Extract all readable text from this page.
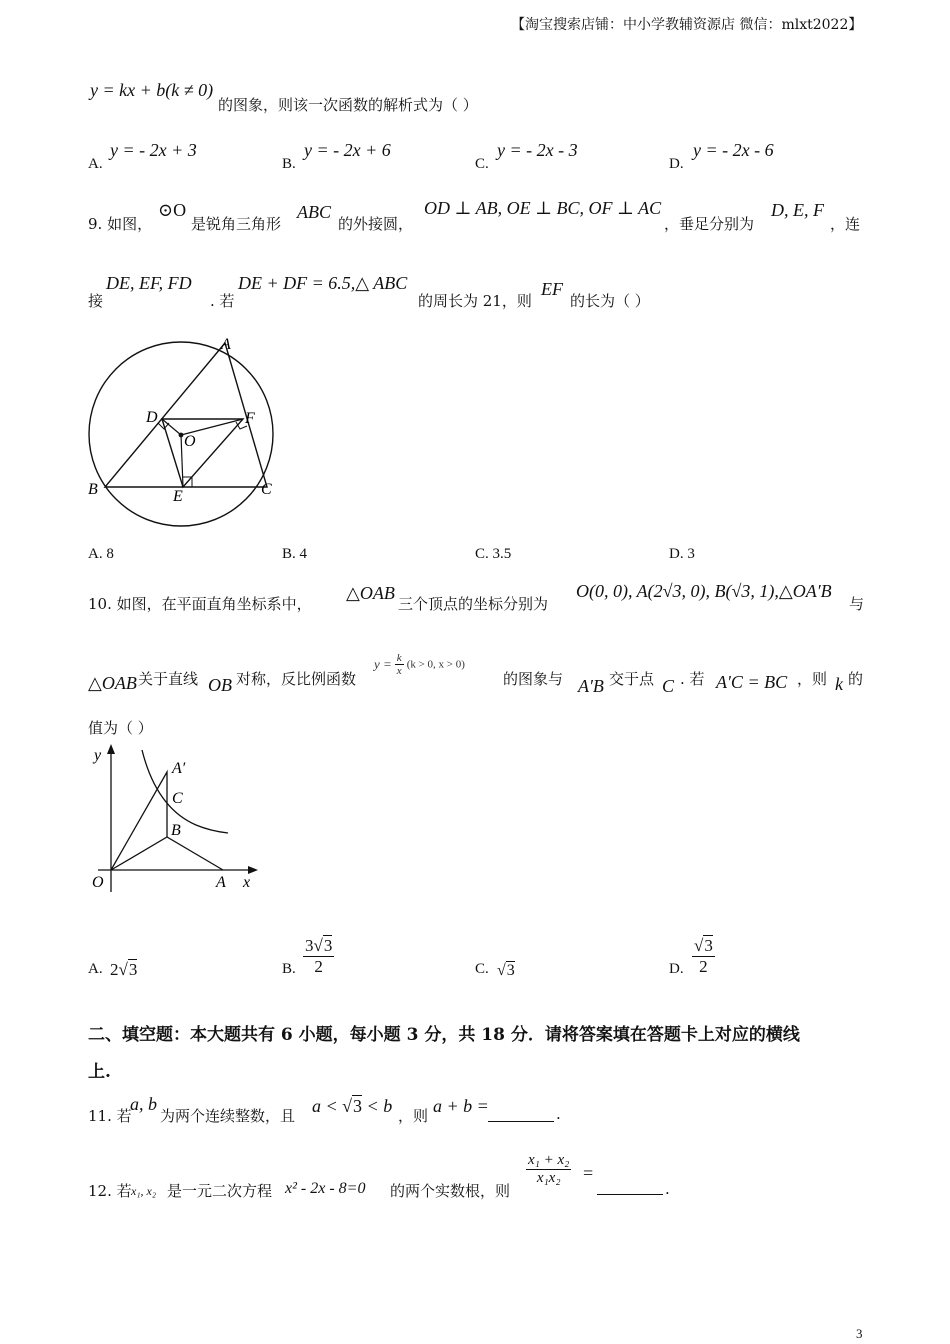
【淘宝搜索店铺：中小学教辅资源店 微信：mlxt2022】
y = kx + b(k ≠ 0)
的图象，则该一次函数的解析式为（ ）
A.
y = - 2x + 3
B.
y = - 2x + 6
C.
y = - 2x - 3
D.
y = - 2x - 6
9. 如图，
⊙O
是锐角三角形
ABC
的外接圆，
OD ⊥ AB, OE ⊥ BC, OF ⊥ AC
，垂足分别为
D, E, F
，连
接
DE, EF, FD
. 若
DE + DF = 6.5,△ ABC
的周长为 21，则
EF
的长为（ ）
A
B	C
D
E
F
O
A. 8	B. 4	C. 3.5	D. 3
10. 如图，在平面直角坐标系中，
△OAB
三个顶点的坐标分别为
O(0, 0), A(2√3, 0), B(√3, 1),△OA′B
与
△OAB 关于直线 OB 对称，反比例函数
$y = \frac{k}{x} (k > 0$, x > 0)
的图象与 A′B 交于点 C . 若 A′C = BC ，则 k 的
值为（ ）
y
A′
C
B
O	A x
A. 2√3	B. $\frac{3√3}{2}$	C. √3	D. $\frac{√3}{2}$
二、填空题：本大题共有 6 小题，每小题 3 分，共 18 分．请将答案填在答题卡上对应的横线
上.
11. 若
a, b
为两个连续整数，且 a < √3 < b ，则 a + b =	.
12. 若 x₁, x₂ 是一元二次方程 x² - 2x - 8=0 的两个实数根，则
$\frac{\text{x₁ + x₂}}{\text{x₁x₂}}$ =
.
3
